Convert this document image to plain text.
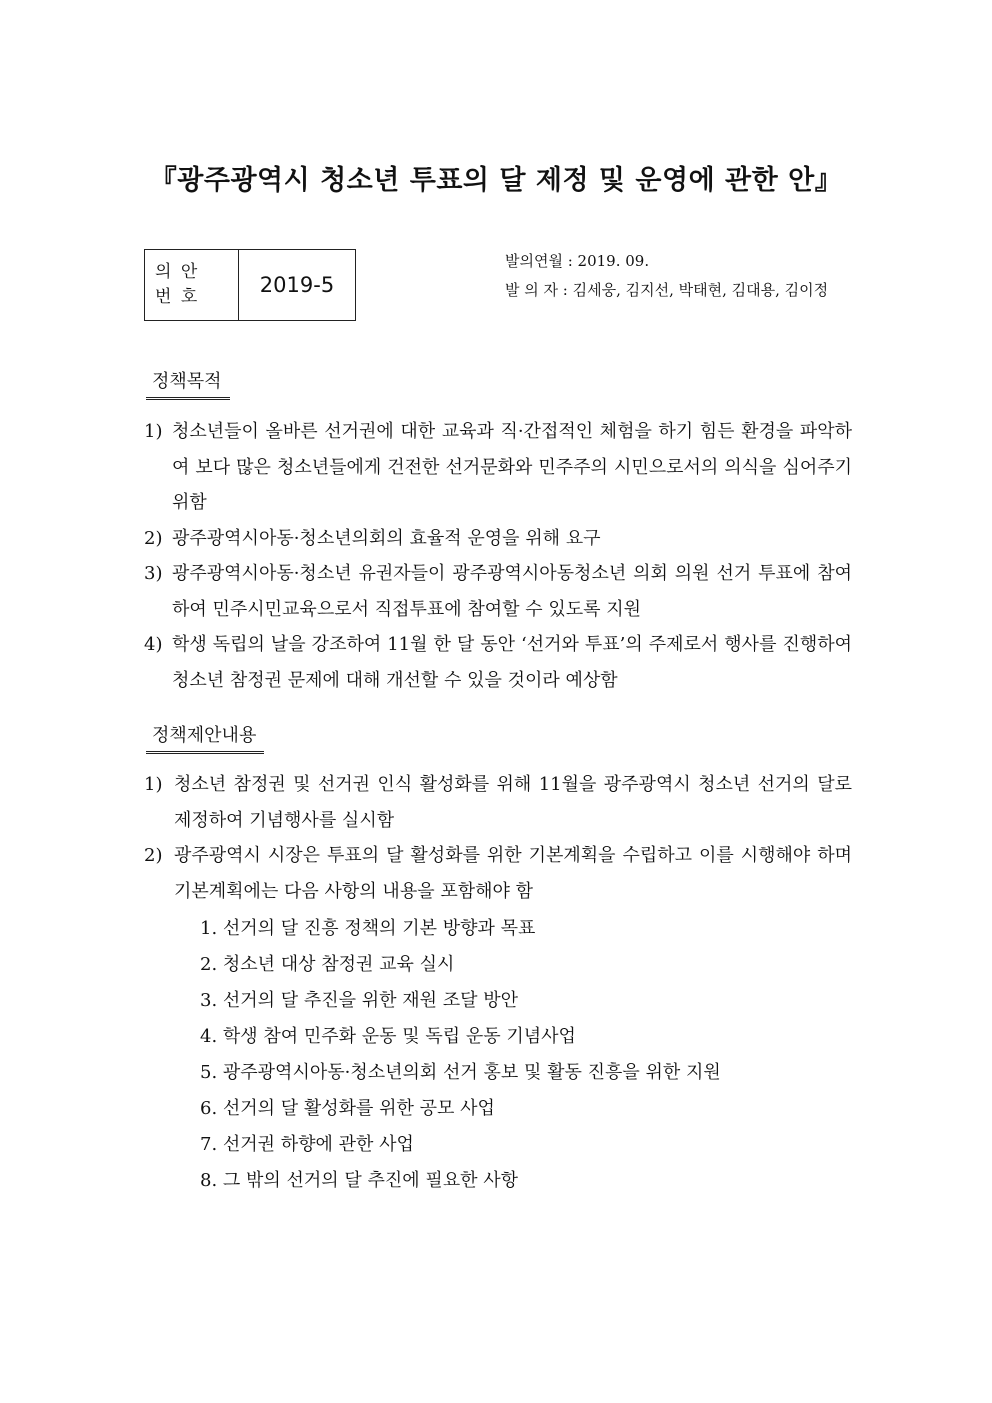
『광주광역시 청소년 투표의 달 제정 및 운영에 관한 안』
의 안
번 호	2019-5
발의연월 : 2019. 09.
발 의 자 : 김세웅, 김지선, 박태현, 김대용, 김이정
정책목적
1) 청소년들이 올바른 선거권에 대한 교육과 직·간접적인 체험을 하기 힘든 환경을 파악하여 보다 많은 청소년들에게 건전한 선거문화와 민주주의 시민으로서의 의식을 심어주기 위함
2) 광주광역시아동·청소년의회의 효율적 운영을 위해 요구
3) 광주광역시아동·청소년 유권자들이 광주광역시아동청소년 의회 의원 선거 투표에 참여하여 민주시민교육으로서 직접투표에 참여할 수 있도록 지원
4) 학생 독립의 날을 강조하여 11월 한 달 동안 ‘선거와 투표’의 주제로서 행사를 진행하여 청소년 참정권 문제에 대해 개선할 수 있을 것이라 예상함
정책제안내용
1) 청소년 참정권 및 선거권 인식 활성화를 위해 11월을 광주광역시 청소년 선거의 달로 제정하여 기념행사를 실시함
2) 광주광역시 시장은 투표의 달 활성화를 위한 기본계획을 수립하고 이를 시행해야 하며 기본계획에는 다음 사항의 내용을 포함해야 함
1. 선거의 달 진흥 정책의 기본 방향과 목표
2. 청소년 대상 참정권 교육 실시
3. 선거의 달 추진을 위한 재원 조달 방안
4. 학생 참여 민주화 운동 및 독립 운동 기념사업
5. 광주광역시아동·청소년의회 선거 홍보 및 활동 진흥을 위한 지원
6. 선거의 달 활성화를 위한 공모 사업
7. 선거권 하향에 관한 사업
8. 그 밖의 선거의 달 추진에 필요한 사항
